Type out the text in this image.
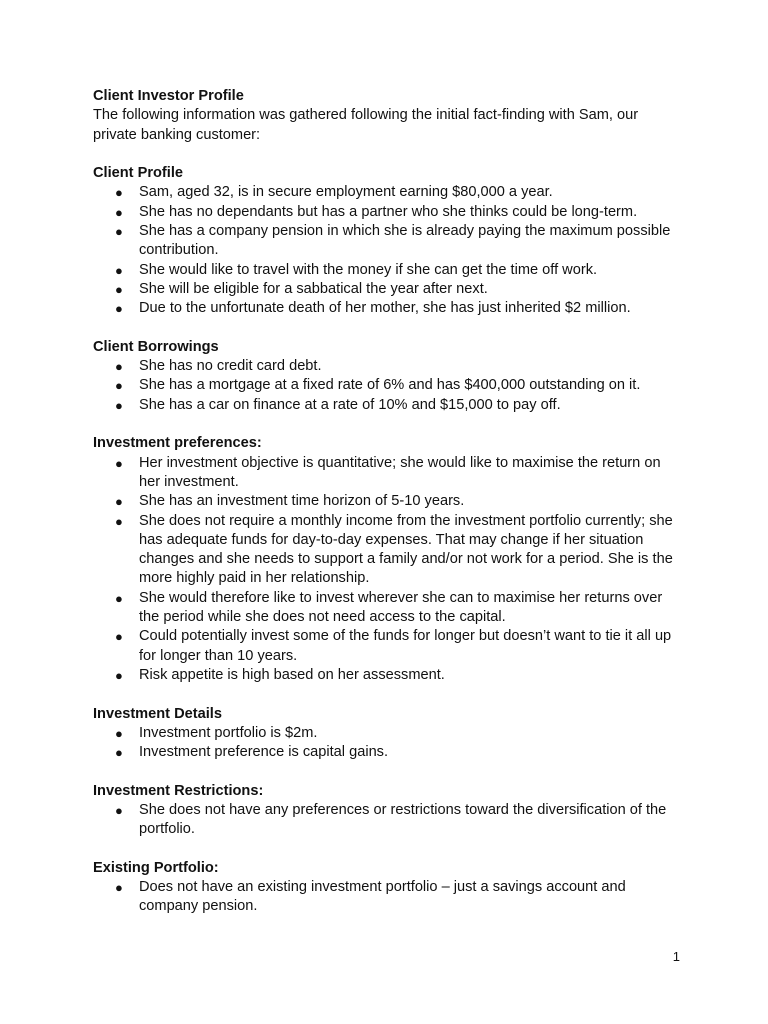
Client Investor Profile

The following information was gathered following the initial fact-finding with Sam, our private banking customer:

Client Profile

● Sam, aged 32, is in secure employment earning $80,000 a year.
● She has no dependants but has a partner who she thinks could be long-term.
● She has a company pension in which she is already paying the maximum possible contribution.
● She would like to travel with the money if she can get the time off work.
● She will be eligible for a sabbatical the year after next.
● Due to the unfortunate death of her mother, she has just inherited $2 million.

Client Borrowings

● She has no credit card debt.
● She has a mortgage at a fixed rate of 6% and has $400,000 outstanding on it.
● She has a car on finance at a rate of 10% and $15,000 to pay off.

Investment preferences:

● Her investment objective is quantitative; she would like to maximise the return on her investment.
● She has an investment time horizon of 5-10 years.
● She does not require a monthly income from the investment portfolio currently; she has adequate funds for day-to-day expenses. That may change if her situation changes and she needs to support a family and/or not work for a period. She is the more highly paid in her relationship.
● She would therefore like to invest wherever she can to maximise her returns over the period while she does not need access to the capital.
● Could potentially invest some of the funds for longer but doesn’t want to tie it all up for longer than 10 years.
● Risk appetite is high based on her assessment.

Investment Details

● Investment portfolio is $2m.
● Investment preference is capital gains.

Investment Restrictions:

● She does not have any preferences or restrictions toward the diversification of the portfolio.

Existing Portfolio:

● Does not have an existing investment portfolio – just a savings account and company pension.
1
